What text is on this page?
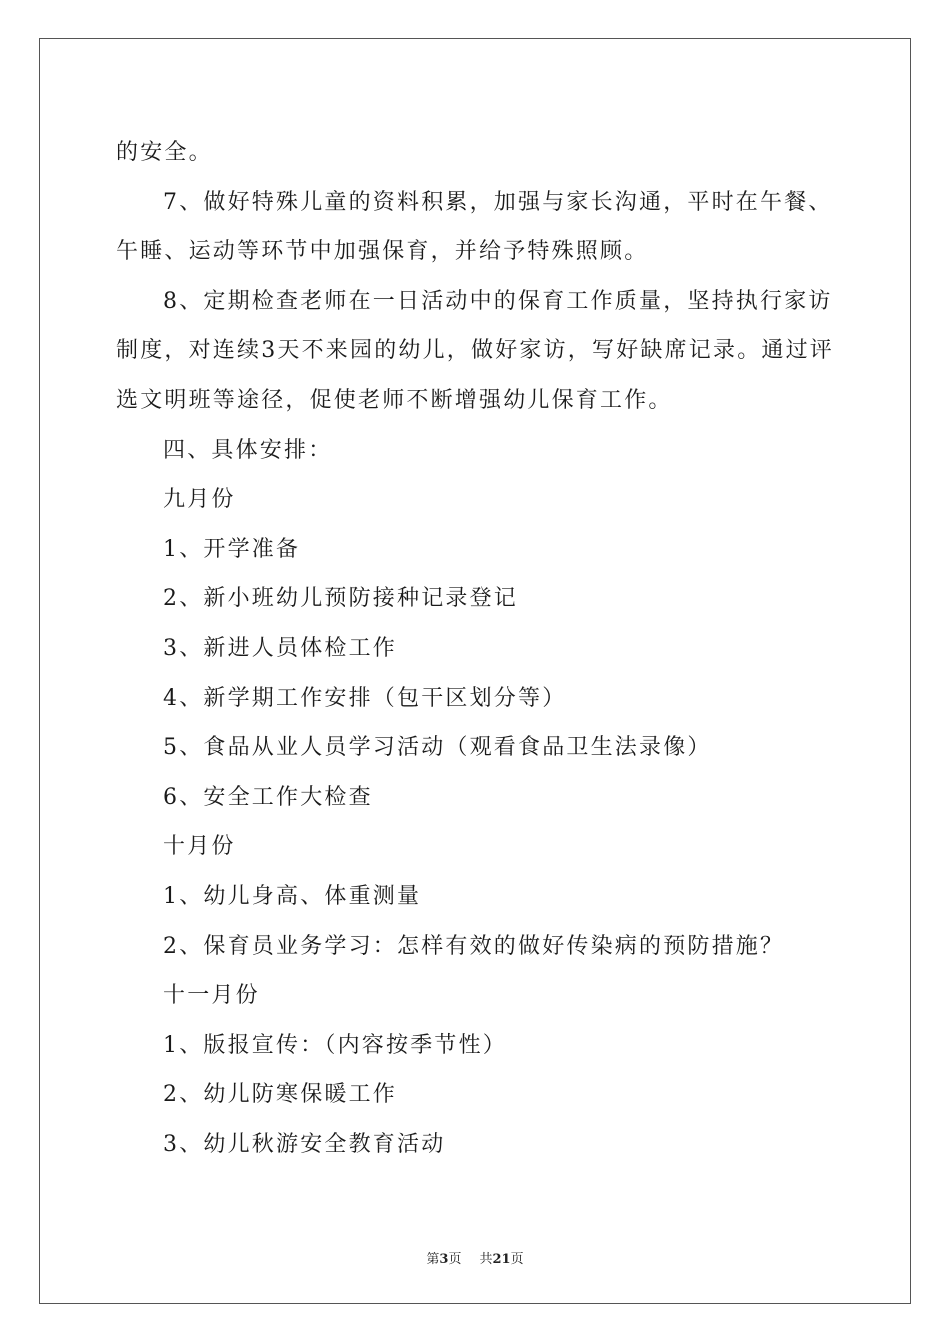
的安全。
7、做好特殊儿童的资料积累，加强与家长沟通，平时在午餐、
午睡、运动等环节中加强保育，并给予特殊照顾。
8、定期检查老师在一日活动中的保育工作质量，坚持执行家访
制度，对连续3天不来园的幼儿，做好家访，写好缺席记录。通过评
选文明班等途径，促使老师不断增强幼儿保育工作。
四、具体安排：
九月份
1、开学准备
2、新小班幼儿预防接种记录登记
3、新进人员体检工作
4、新学期工作安排（包干区划分等）
5、食品从业人员学习活动（观看食品卫生法录像）
6、安全工作大检查
十月份
1、幼儿身高、体重测量
2、保育员业务学习：怎样有效的做好传染病的预防措施？
十一月份
1、版报宣传：（内容按季节性）
2、幼儿防寒保暖工作
3、幼儿秋游安全教育活动
第3页 共21页
